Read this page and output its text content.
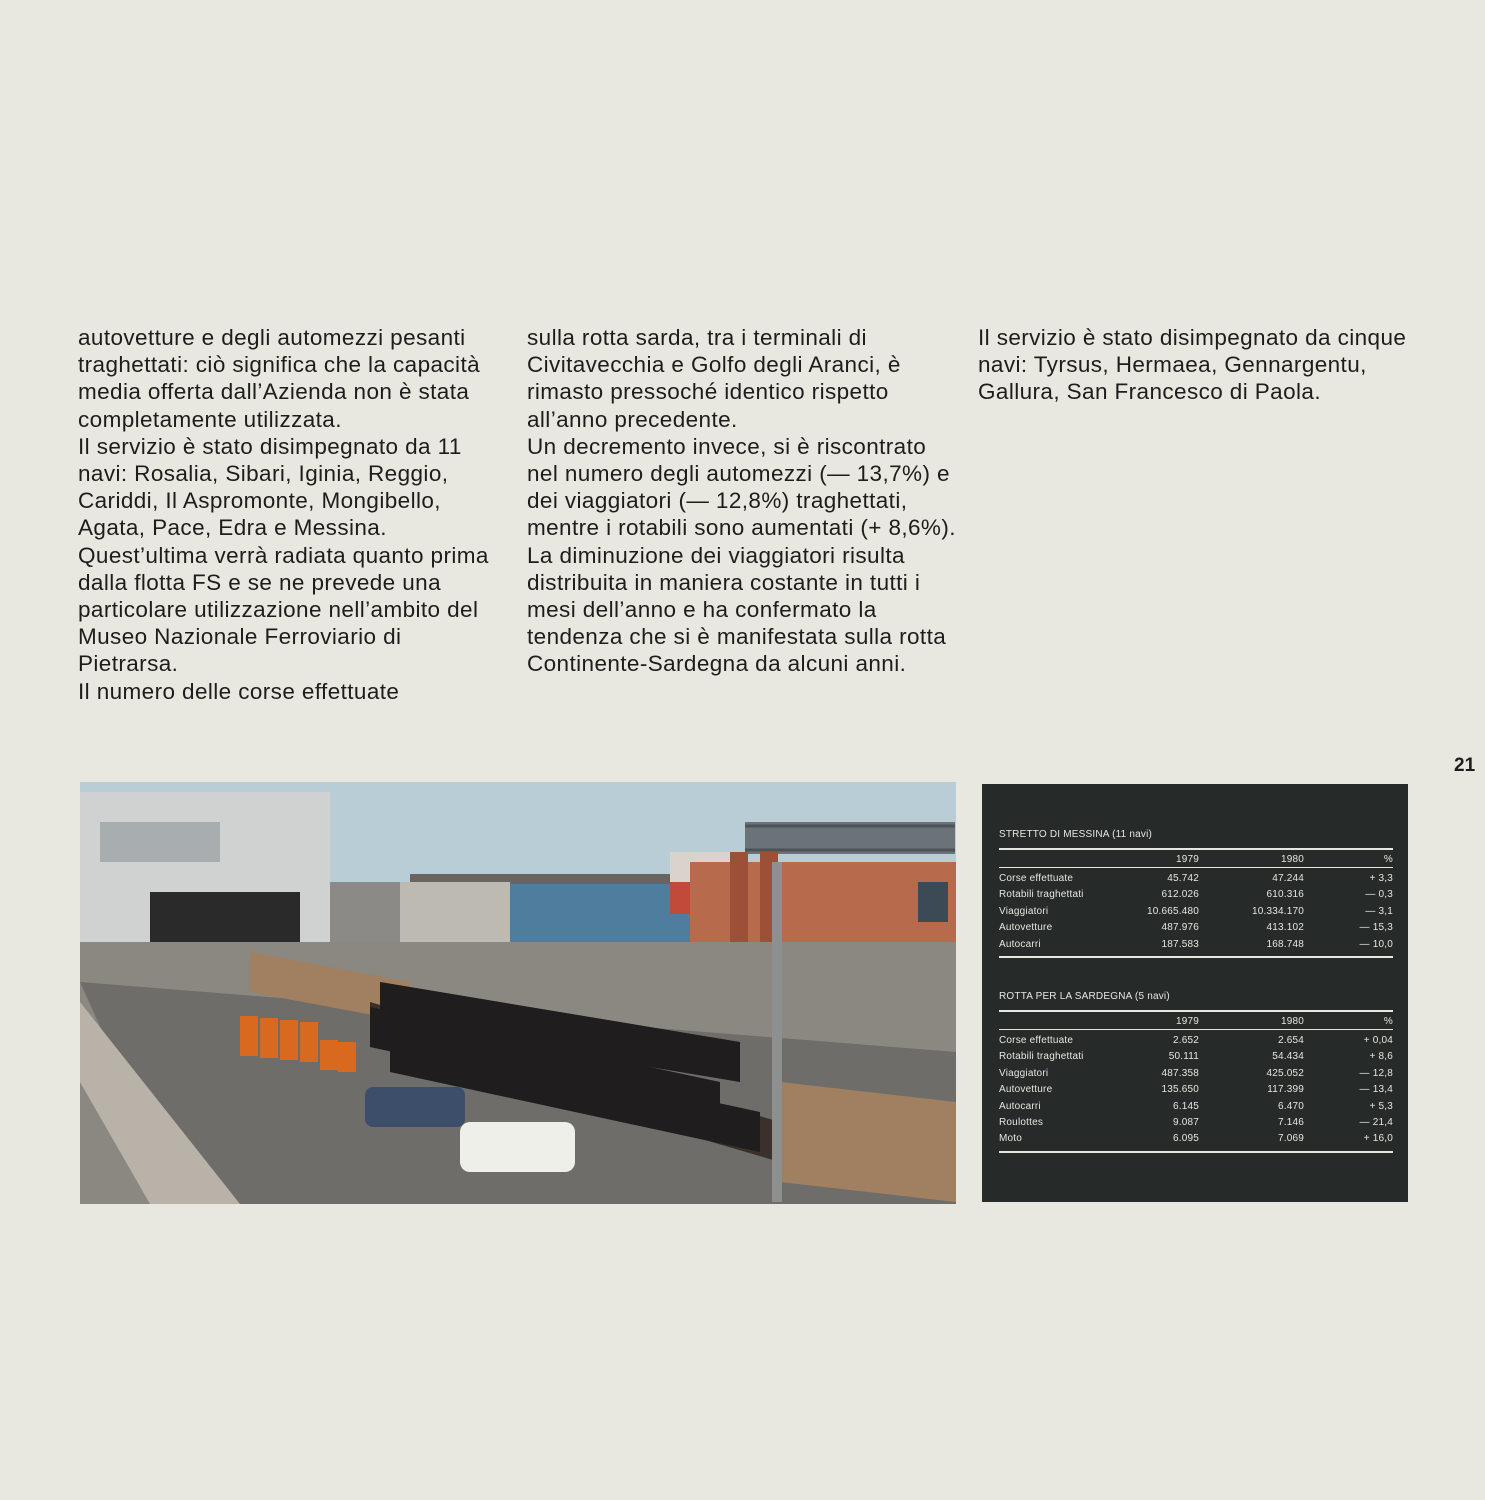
autovetture e degli automezzi pesanti traghettati: ciò significa che la capacità media offerta dall’Azienda non è stata completamente utilizzata.

Il servizio è stato disimpegnato da 11 navi: Rosalia, Sibari, Iginia, Reggio, Cariddi, Il Aspromonte, Mongibello, Agata, Pace, Edra e Messina. Quest’ultima verrà radiata quanto prima dalla flotta FS e se ne prevede una particolare utilizzazione nell’ambito del Museo Nazionale Ferroviario di Pietrarsa.

Il numero delle corse effettuate

sulla rotta sarda, tra i terminali di Civitavecchia e Golfo degli Aranci, è rimasto pressoché identico rispetto all’anno precedente.

Un decremento invece, si è riscontrato nel numero degli automezzi (— 13,7%) e dei viaggiatori (— 12,8%) traghettati, mentre i rotabili sono aumentati (+ 8,6%). La diminuzione dei viaggiatori risulta distribuita in maniera costante in tutti i mesi dell’anno e ha confermato la tendenza che si è manifestata sulla rotta Continente-Sardegna da alcuni anni.

Il servizio è stato disimpegnato da cinque navi: Tyrsus, Hermaea, Gennargentu, Gallura, San Francesco di Paola.

21
STRETTO DI MESSINA (11 navi)
1979	1980	%
Corse effettuate	45.742	47.244	+ 3,3
Rotabili traghettati	612.026	610.316	— 0,3
Viaggiatori	10.665.480	10.334.170	— 3,1
Autovetture	487.976	413.102	— 15,3
Autocarri	187.583	168.748	— 10,0
ROTTA PER LA SARDEGNA (5 navi)
1979	1980	%
Corse effettuate	2.652	2.654	+ 0,04
Rotabili traghettati	50.111	54.434	+ 8,6
Viaggiatori	487.358	425.052	— 12,8
Autovetture	135.650	117.399	— 13,4
Autocarri	6.145	6.470	+ 5,3
Roulottes	9.087	7.146	— 21,4
Moto	6.095	7.069	+ 16,0
